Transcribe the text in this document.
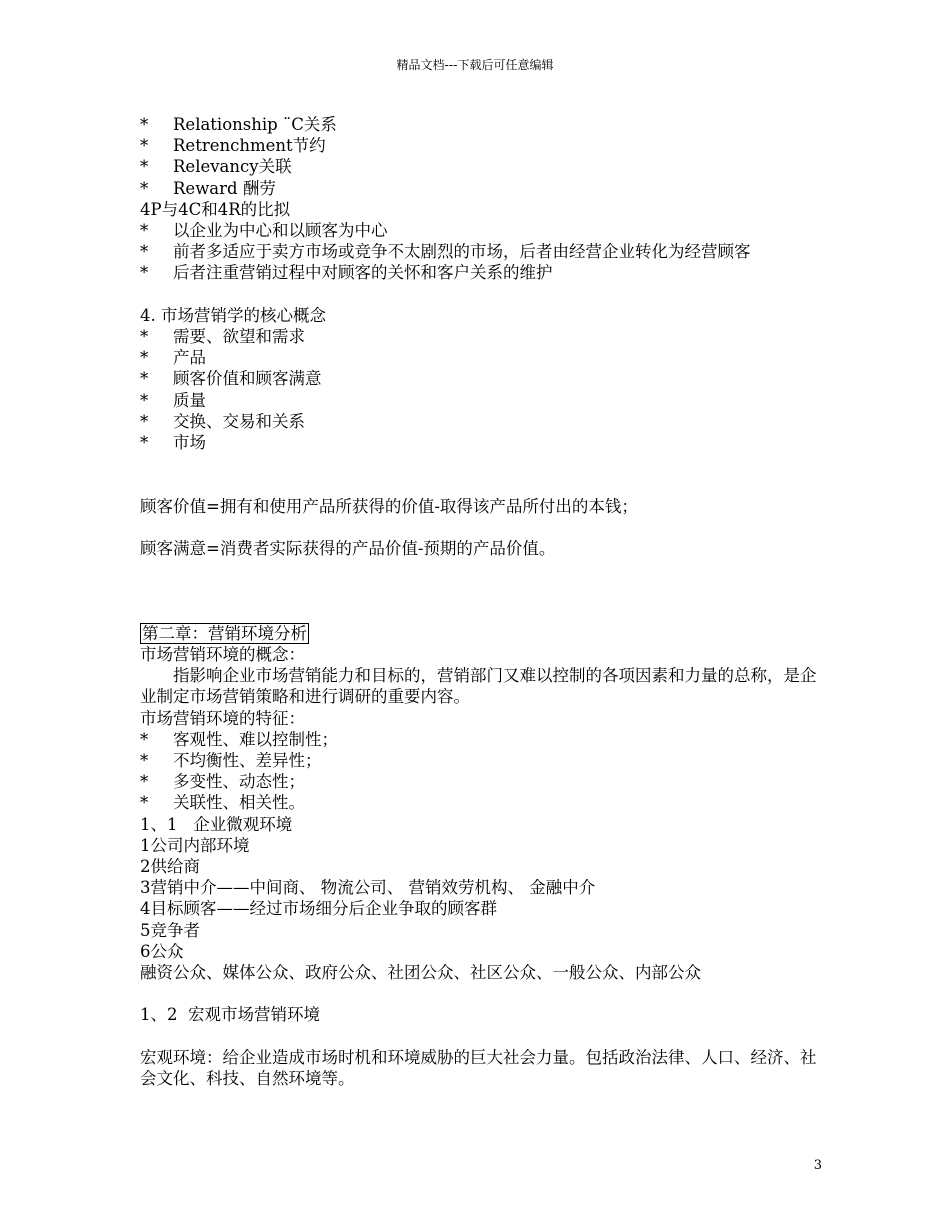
精品文档---下载后可任意编辑
* Relationship ¨C关系
* Retrenchment节约
* Relevancy关联
* Reward 酬劳
4P与4C和4R的比拟
* 以企业为中心和以顾客为中心
* 前者多适应于卖方市场或竞争不太剧烈的市场，后者由经营企业转化为经营顾客
* 后者注重营销过程中对顾客的关怀和客户关系的维护
4. 市场营销学的核心概念
* 需要、欲望和需求
* 产品
* 顾客价值和顾客满意
* 质量
* 交换、交易和关系
* 市场
顾客价值=拥有和使用产品所获得的价值-取得该产品所付出的本钱；
顾客满意=消费者实际获得的产品价值-预期的产品价值。
第二章：营销环境分析
市场营销环境的概念：
指影响企业市场营销能力和目标的，营销部门又难以控制的各项因素和力量的总称，是企业制定市场营销策略和进行调研的重要内容。
市场营销环境的特征：
* 客观性、难以控制性；
* 不均衡性、差异性；
* 多变性、动态性；
* 关联性、相关性。
1、1   企业微观环境
1公司内部环境
2供给商
3营销中介——中间商、 物流公司、 营销效劳机构、 金融中介
4目标顾客——经过市场细分后企业争取的顾客群
5竞争者
6公众
融资公众、媒体公众、政府公众、社团公众、社区公众、一般公众、内部公众
1、2  宏观市场营销环境
宏观环境：给企业造成市场时机和环境威胁的巨大社会力量。包括政治法律、人口、经济、社会文化、科技、自然环境等。
3
